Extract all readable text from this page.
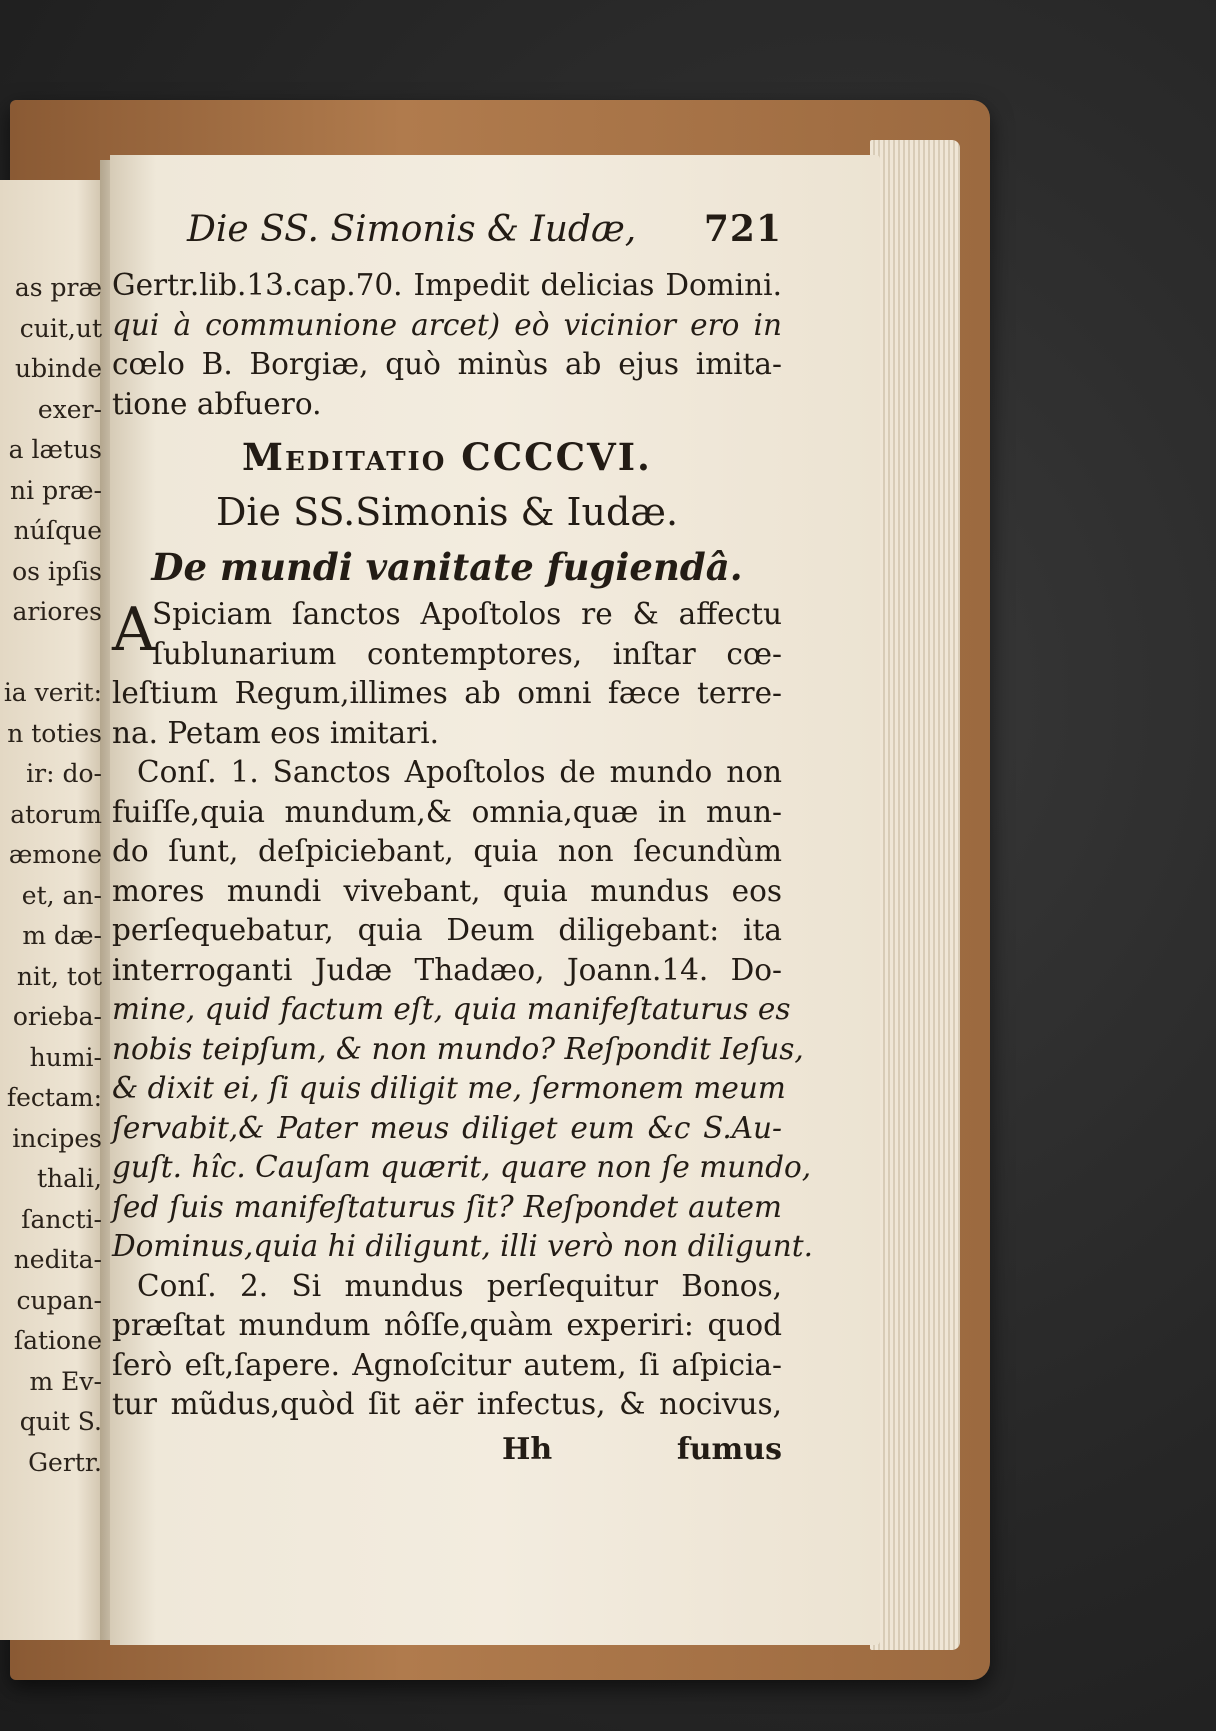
as præ
cuit,ut
ubinde
exer-
a lætus
ni præ-
núſque
os ipſis
ariores
ia verit:
n toties
ir: do-
atorum
æmone
et, an-
m dæ-
nit, tot
orieba-
humi-
fectam:
incipes
thali,
ſancti-
nedita-
cupan-
ſatione
m Ev-
quit S.
Gertr.
Die SS. Simonis & Iudæ, 721
Gertr.lib.13.cap.70. Impedit delicias Domini.
qui à communione arcet) eò vicinior ero in
cœlo B. Borgiæ, quò minùs ab ejus imita-
tione abfuero.
Meditatio CCCCVI.
Die SS.Simonis & Iudæ.
De mundi vanitate fugiendâ.
A
Spiciam ſanctos Apoſtolos re & affectu
ſublunarium contemptores, inſtar cœ-
leſtium Regum,illimes ab omni fæce terre-
na. Petam eos imitari.
Conſ. 1. Sanctos Apoſtolos de mundo non
fuiſſe,quia mundum,& omnia,quæ in mun-
do ſunt, deſpiciebant, quia non ſecundùm
mores mundi vivebant, quia mundus eos
perſequebatur, quia Deum diligebant: ita
interroganti Judæ Thadæo, Joann.14. Do-
mine, quid factum eſt, quia manifeſtaturus es
nobis teipſum, & non mundo? Reſpondit Ieſus,
& dixit ei, ſi quis diligit me, ſermonem meum
ſervabit,& Pater meus diliget eum &c S.Au-
guſt. hîc. Cauſam quærit, quare non ſe mundo,
ſed ſuis manifeſtaturus ſit? Reſpondet autem
Dominus,quia hi diligunt, illi verò non diligunt.
Conſ. 2. Si mundus perſequitur Bonos,
præſtat mundum nôſſe,quàm experiri: quod
ſerò eſt,ſapere. Agnoſcitur autem, ſi aſpicia-
tur mũdus,quòd ſit aër infectus, & nocivus,
Hh	fumus
